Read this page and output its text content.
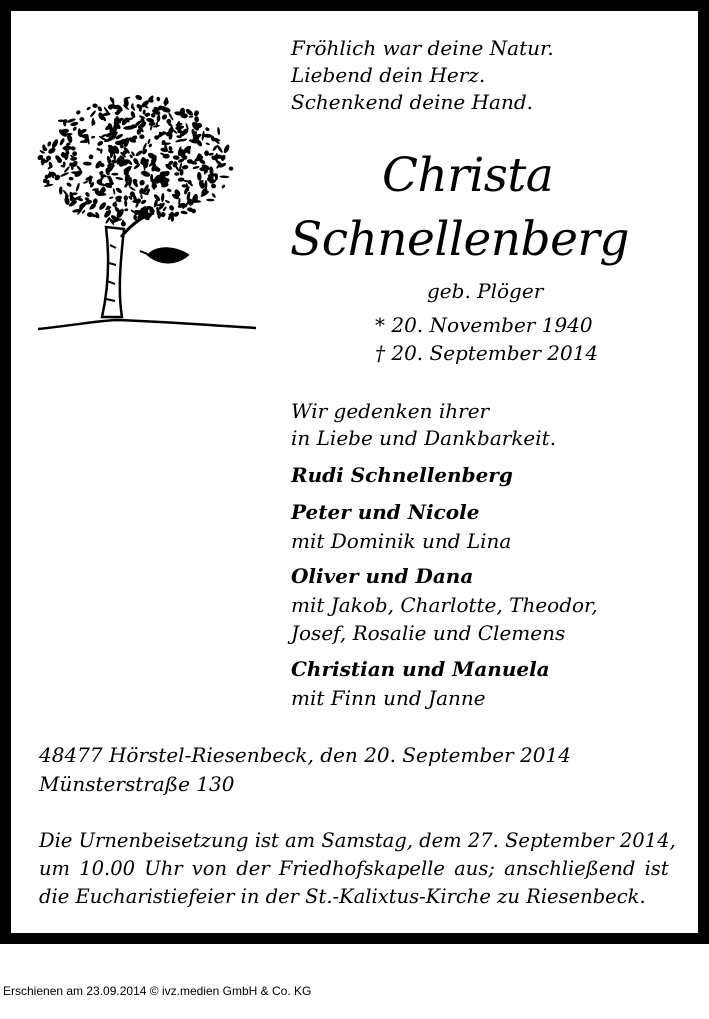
Fröhlich war deine Natur.
Liebend dein Herz.
Schenkend deine Hand.
Christa
Schnellenberg
geb. Plöger
* 20. November 1940
† 20. September 2014
Wir gedenken ihrer
in Liebe und Dankbarkeit.
Rudi Schnellenberg
Peter und Nicole
mit Dominik und Lina
Oliver und Dana
mit Jakob, Charlotte, Theodor,
Josef, Rosalie und Clemens
Christian und Manuela
mit Finn und Janne
48477 Hörstel-Riesenbeck, den 20. September 2014
Münsterstraße 130
Die Urnenbeisetzung ist am Samstag, dem 27. September 2014,
um 10.00 Uhr von der Friedhofskapelle aus; anschließend ist
die Eucharistiefeier in der St.-Kalixtus-Kirche zu Riesenbeck.
Erschienen am 23.09.2014 © ivz.medien GmbH & Co. KG
